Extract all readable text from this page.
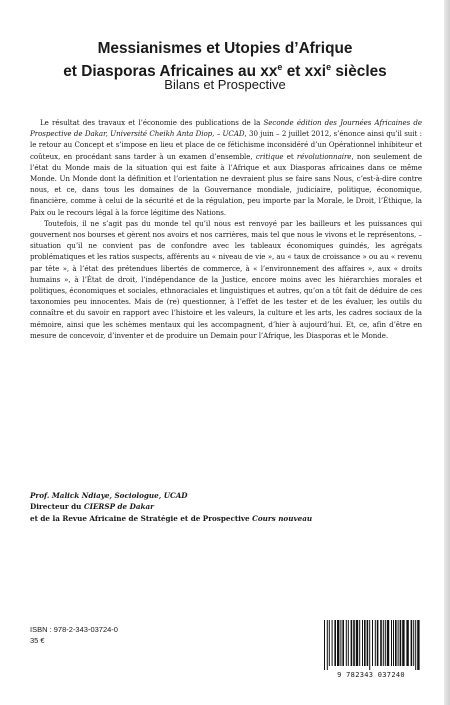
Messianismes et Utopies d’Afrique
et Diasporas Africaines au $xx^e$ et xxi$^e$ siècles
Bilans et Prospective

Le résultat des travaux et l’économie des publications de la Seconde édition des Journées Africaines de Prospective de Dakar, Université Cheikh Anta Diop, – UCAD, 30 juin – 2 juillet 2012, s’énonce ainsi qu’il suit : le retour au Concept et s’impose en lieu et place de ce fétichisme inconsidéré d’un Opérationnel inhibiteur et coûteux, en procédant sans tarder à un examen d’ensemble, critique et révolutionnaire, non seulement de l’état du Monde mais de la situation qui est faite à l’Afrique et aux Diasporas africaines dans ce même Monde. Un Monde dont la définition et l’orientation ne devraient plus se faire sans Nous, c’est-à-dire contre nous, et ce, dans tous les domaines de la Gouvernance mondiale, judiciaire, politique, économique, financière, comme à celui de la sécurité et de la régulation, peu importe par la Morale, le Droit, l’Éthique, la Paix ou le recours légal à la force légitime des Nations.

Toutefois, il ne s’agit pas du monde tel qu’il nous est renvoyé par les bailleurs et les puissances qui gouvernent nos bourses et gèrent nos avoirs et nos carrières, mais tel que nous le vivons et le représentons, – situation qu’il ne convient pas de confondre avec les tableaux économiques guindés, les agrégats problématiques et les ratios suspects, afférents au « niveau de vie », au « taux de croissance » ou au « revenu par tête », à l’état des prétendues libertés de commerce, à « l’environnement des affaires », aux « droits humains », à l’État de droit, l’indépendance de la Justice, encore moins avec les hiérarchies morales et politiques, économiques et sociales, ethnoraciales et linguistiques et autres, qu’on a tôt fait de déduire de ces taxonomies peu innocentes. Mais de (re) questionner, à l’effet de les tester et de les évaluer, les outils du connaître et du savoir en rapport avec l’histoire et les valeurs, la culture et les arts, les cadres sociaux de la mémoire, ainsi que les schèmes mentaux qui les accompagnent, d’hier à aujourd’hui. Et, ce, afin d’être en mesure de concevoir, d’inventer et de produire un Demain pour l’Afrique, les Diasporas et le Monde.

Prof. Malick Ndiaye, Sociologue, UCAD
Directeur du CIERSP de Dakar
et de la Revue Africaine de Stratégie et de Prospective Cours nouveau
ISBN : 978-2-343-03724-0
35 €
9 782343 037240
